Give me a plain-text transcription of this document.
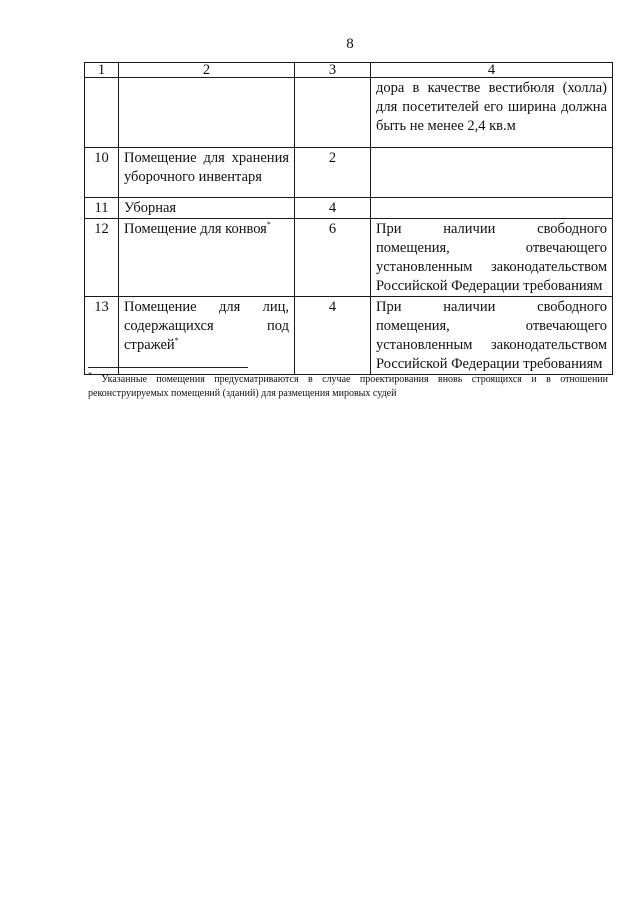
8
1	2	3	4
			дора в качестве вестибюля (холла) для посетителей его ширина должна быть не менее 2,4 кв.м
10	Помещение для хранения уборочного инвентаря	2	
11	Уборная	4	
12	Помещение для конвоя*	6	При наличии свободного помещения, отвечающего установленным законодательством Российской Федерации требованиям
13	Помещение для лиц, содержащихся под стражей*	4	При наличии свободного помещения, отвечающего установленным законодательством Российской Федерации требованиям
* Указанные помещения предусматриваются в случае проектирования вновь строящихся и в отношении реконструируемых помещений (зданий) для размещения мировых судей
